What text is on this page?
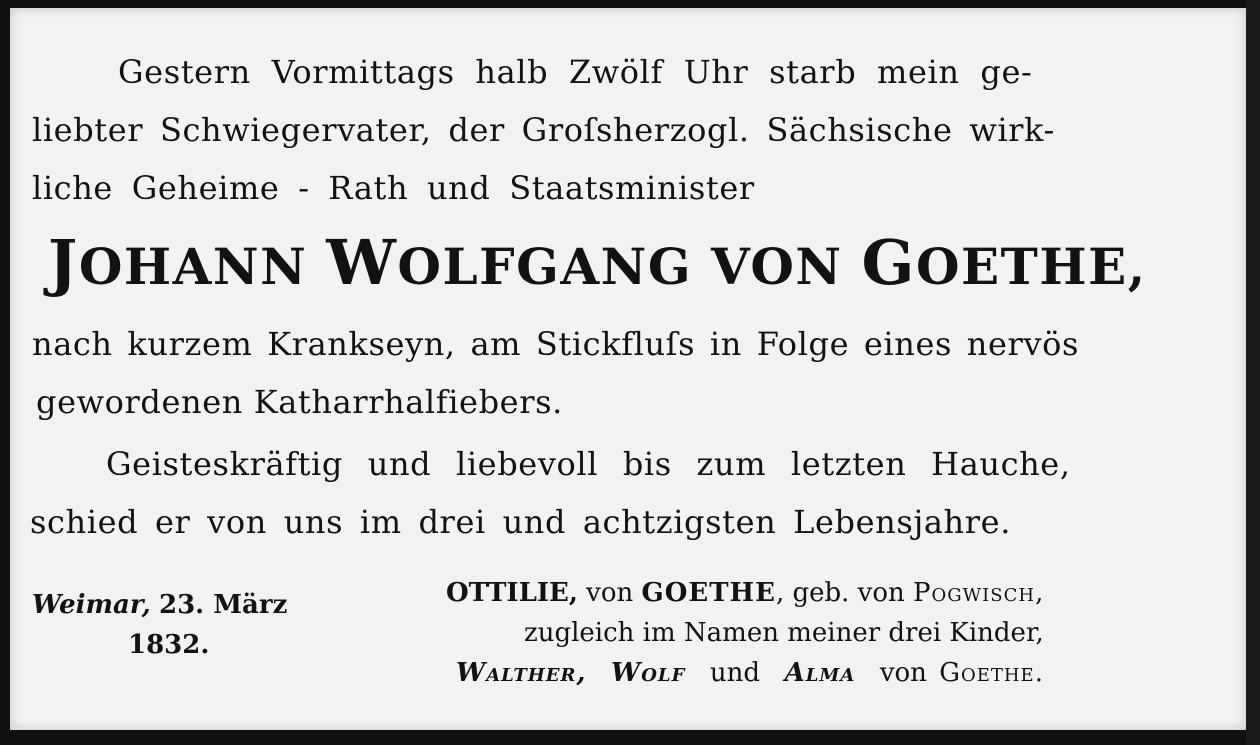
Gestern Vormittags halb Zwölf Uhr starb mein ge-
liebter Schwiegervater, der Groſsherzogl. Sächsische wirk-
liche Geheime - Rath und Staatsminister
JOHANN WOLFGANG VON GOETHE,
nach kurzem Krankseyn, am Stickfluſs in Folge eines nervös
gewordenen Katharrhalfiebers.
Geisteskräftig und liebevoll bis zum letzten Hauche,
schied er von uns im drei und achtzigsten Lebensjahre.
Weimar, 23. März
1832.
OTTILIE, von GOETHE, geb. von Pogwisch,
zugleich im Namen meiner drei Kinder,
Walther, Wolf und Alma von Goethe.
